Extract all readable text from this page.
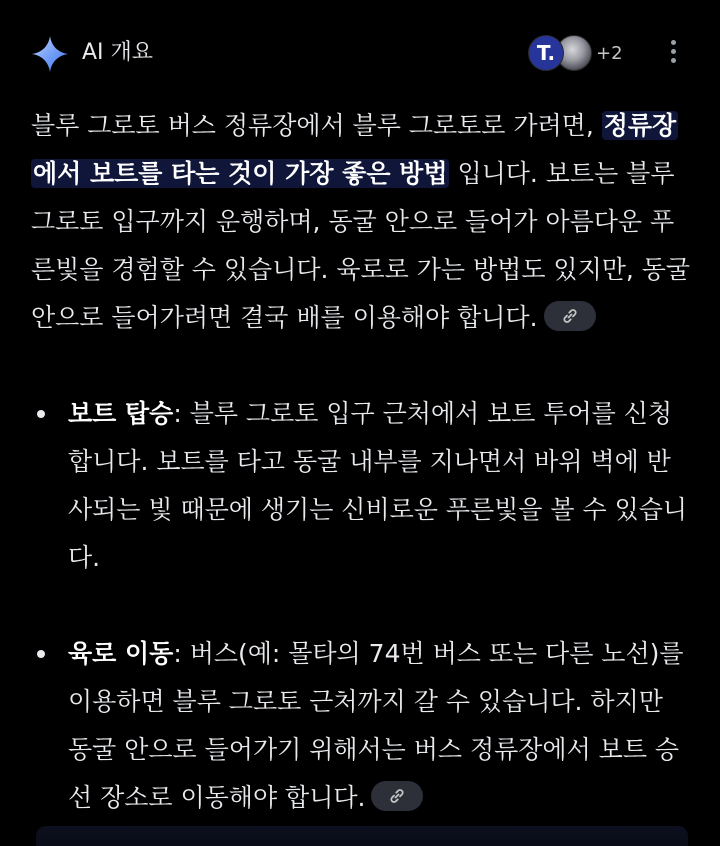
AI 개요	T.	+2

블루 그로토 버스 정류장에서 블루 그로토로 가려면, 정류장에서 보트를 타는 것이 가장 좋은 방법 입니다. 보트는 블루 그로토 입구까지 운행하며, 동굴 안으로 들어가 아름다운 푸른빛을 경험할 수 있습니다. 육로로 가는 방법도 있지만, 동굴 안으로 들어가려면 결국 배를 이용해야 합니다.

보트 탑승: 블루 그로토 입구 근처에서 보트 투어를 신청합니다. 보트를 타고 동굴 내부를 지나면서 바위 벽에 반사되는 빛 때문에 생기는 신비로운 푸른빛을 볼 수 있습니다.
육로 이동: 버스(예: 몰타의 74번 버스 또는 다른 노선)를 이용하면 블루 그로토 근처까지 갈 수 있습니다. 하지만 동굴 안으로 들어가기 위해서는 버스 정류장에서 보트 승선 장소로 이동해야 합니다.
